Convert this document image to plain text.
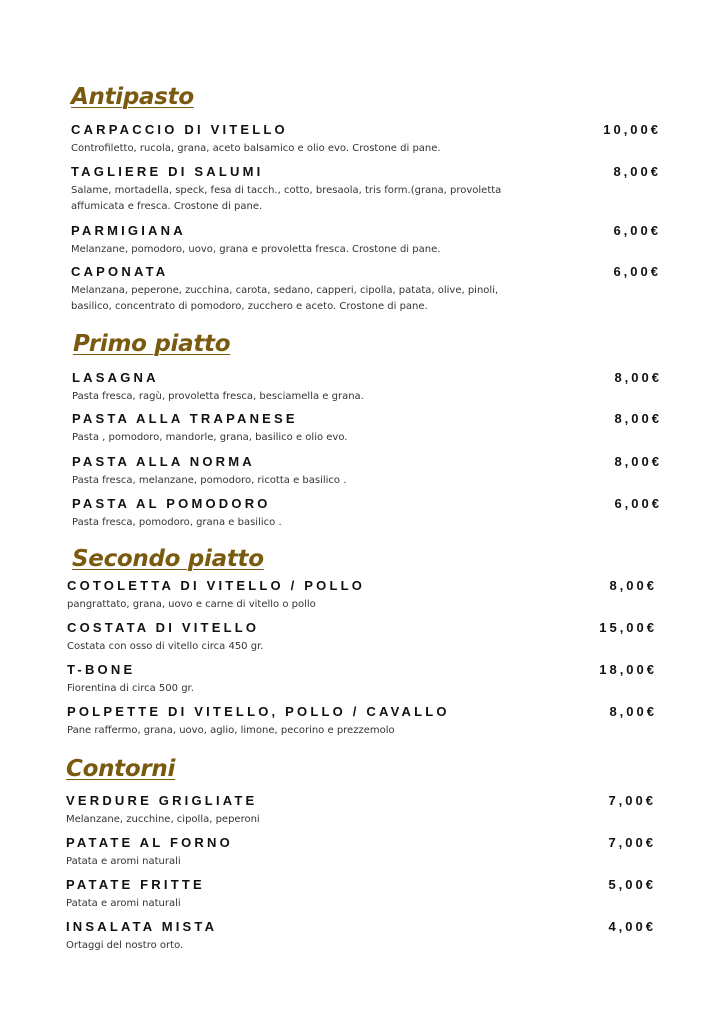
Antipasto
CARPACCIO DI VITELLO
Controfiletto, rucola, grana, aceto balsamico e olio evo. Crostone di pane.
10,00€
TAGLIERE DI SALUMI
Salame, mortadella, speck, fesa di tacch., cotto, bresaola, tris form.(grana, provoletta affumicata e fresca. Crostone di pane.
8,00€
PARMIGIANA
Melanzane, pomodoro, uovo, grana e provoletta fresca. Crostone di pane.
6,00€
CAPONATA
Melanzana, peperone, zucchina, carota, sedano, capperi, cipolla, patata, olive, pinoli, basilico, concentrato di pomodoro, zucchero e aceto. Crostone di pane.
6,00€
Primo piatto
LASAGNA
Pasta fresca, ragù, provoletta fresca, besciamella e grana.
8,00€
PASTA ALLA TRAPANESE
Pasta , pomodoro, mandorle, grana, basilico e olio evo.
8,00€
PASTA ALLA NORMA
Pasta fresca, melanzane, pomodoro, ricotta e basilico .
8,00€
PASTA AL POMODORO
Pasta fresca, pomodoro, grana e basilico .
6,00€
Secondo piatto
COTOLETTA DI VITELLO / POLLO
pangrattato, grana, uovo e carne di vitello o pollo
8,00€
COSTATA DI VITELLO
Costata con osso di vitello circa 450 gr.
15,00€
T-BONE
Fiorentina di circa 500 gr.
18,00€
POLPETTE DI VITELLO, POLLO / CAVALLO
Pane raffermo, grana, uovo, aglio, limone, pecorino e prezzemolo
8,00€
Contorni
VERDURE GRIGLIATE
Melanzane, zucchine, cipolla, peperoni
7,00€
PATATE AL FORNO
Patata e aromi naturali
7,00€
PATATE FRITTE
Patata e aromi naturali
5,00€
INSALATA MISTA
Ortaggi del nostro orto.
4,00€
